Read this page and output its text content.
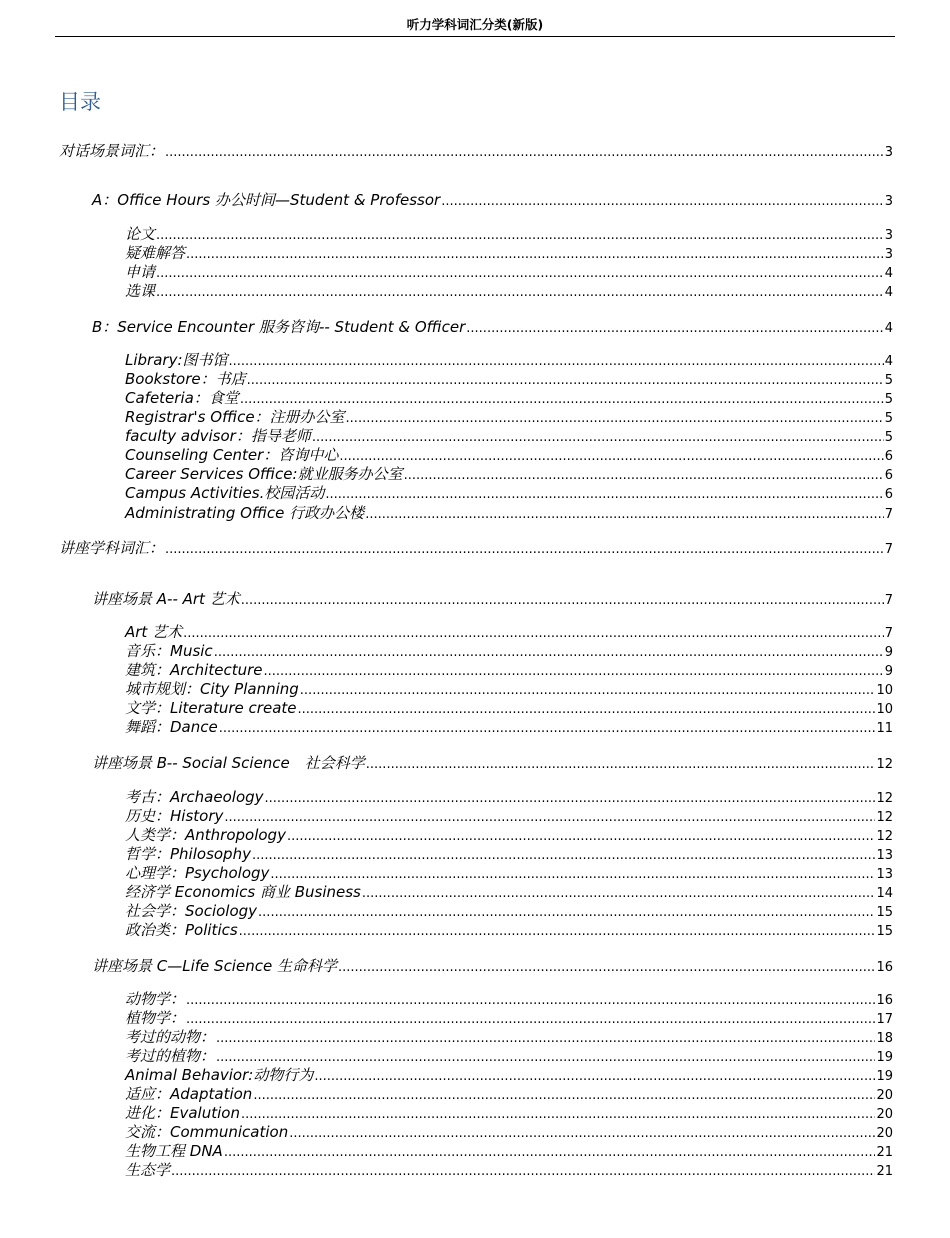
听力学科词汇分类(新版)
目录
对话场景词汇： .....	3
A：Office Hours 办公时间—Student & Professor .....	3
论文 .....	3
疑难解答 .....	3
申请 .....	4
选课 .....	4
B：Service Encounter 服务咨询-- Student & Officer .....	4
Library:图书馆 .....	4
Bookstore：书店 .....	5
Cafeteria：食堂 .....	5
Registrar's Office：注册办公室 .....	5
faculty advisor：指导老师 .....	5
Counseling Center：咨询中心 .....	6
Career Services Office:就业服务办公室 .....	6
Campus Activities.校园活动 .....	6
Administrating Office 行政办公楼 .....	7
讲座学科词汇： .....	7
讲座场景 A-- Art 艺术 .....	7
Art 艺术 .....	7
音乐：Music .....	9
建筑：Architecture .....	9
城市规划：City Planning .....	10
文学：Literature create .....	10
舞蹈：Dance .....	11
讲座场景 B-- Social Science　社会科学 .....	12
考古：Archaeology .....	12
历史：History .....	12
人类学：Anthropology .....	12
哲学：Philosophy .....	13
心理学：Psychology .....	13
经济学 Economics 商业 Business .....	14
社会学：Sociology .....	15
政治类：Politics .....	15
讲座场景 C—Life Science 生命科学 .....	16
动物学： .....	16
植物学： .....	17
考过的动物： .....	18
考过的植物： .....	19
Animal Behavior:动物行为 .....	19
适应：Adaptation .....	20
进化：Evalution .....	20
交流：Communication .....	20
生物工程 DNA .....	21
生态学 .....	21
